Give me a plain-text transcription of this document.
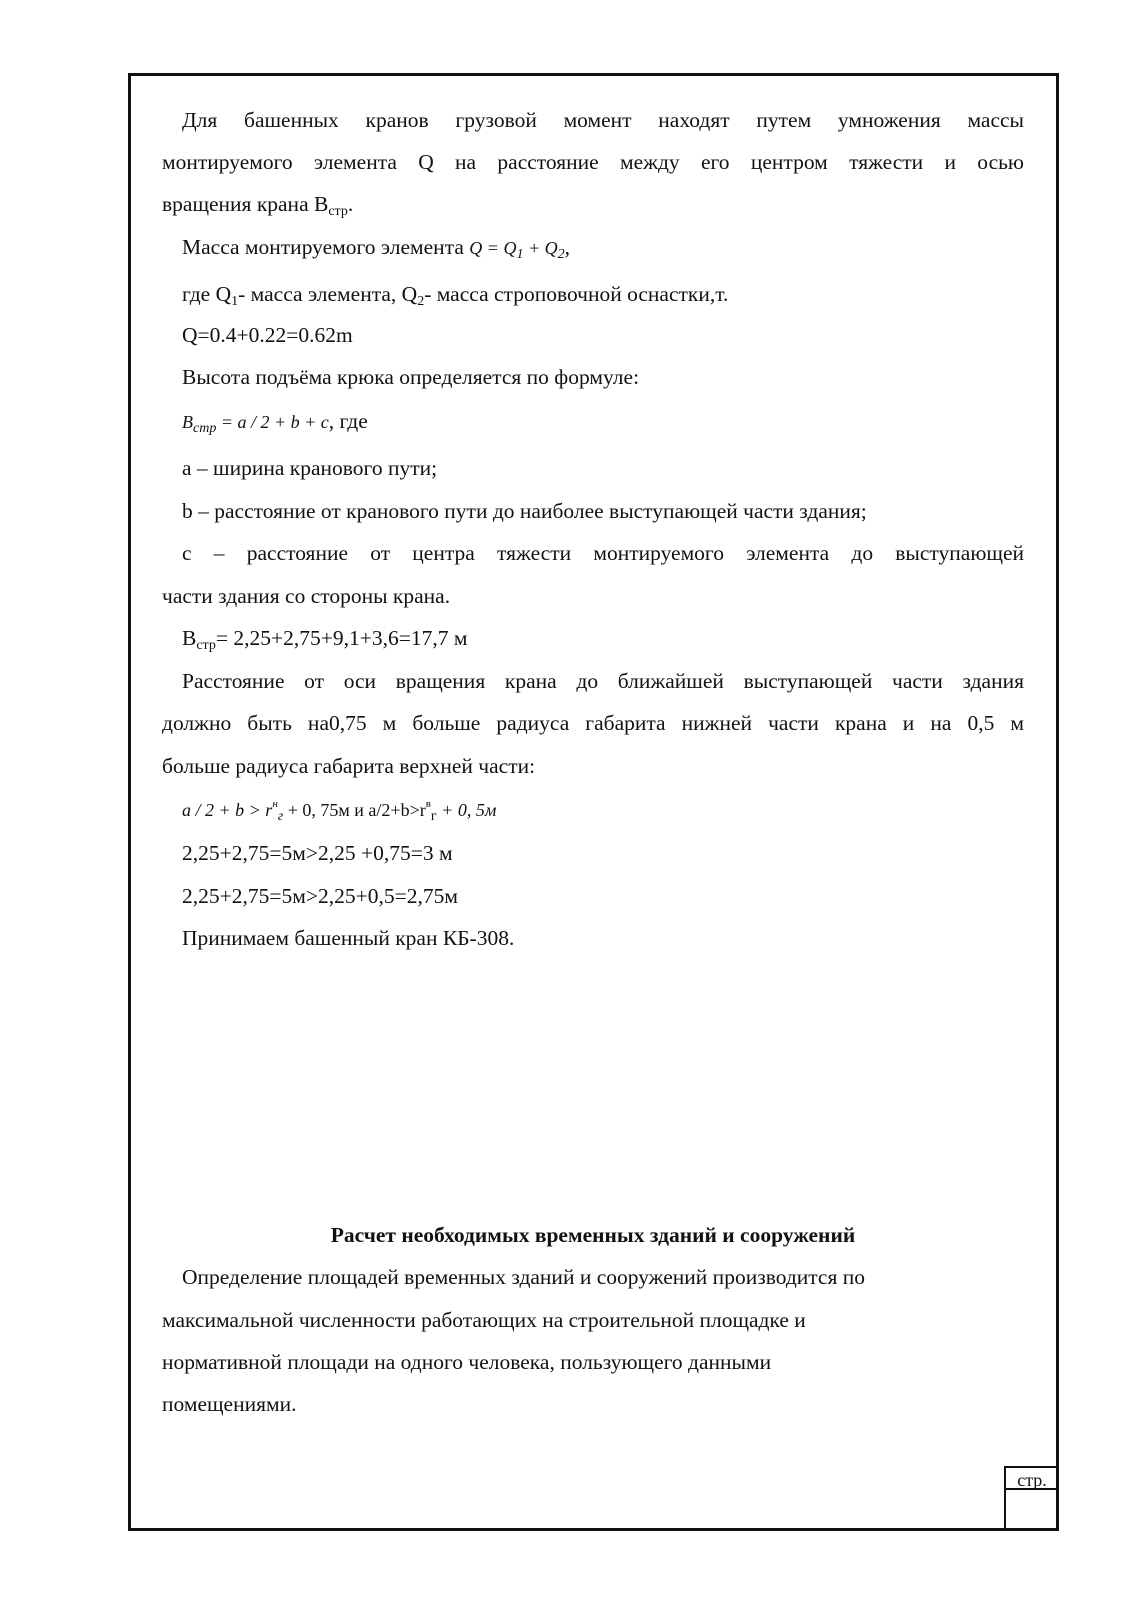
Для башенных кранов грузовой момент находят путем умножения массы
монтируемого элемента Q на расстояние между его центром тяжести и осью
вращения крана $B_{стр}$.
Масса монтируемого элемента $Q = Q_1 + Q_2$,
где $Q_1-$ масса элемента, $Q_2-$ масса строповочной оснастки,т.
Q=0.4+0.22=0.62m
Высота подъёма крюка определяется по формуле:
$B_{стр} = a / 2 + b + c$, где
а – ширина кранового пути;
b – расстояние от кранового пути до наиболее выступающей части здания;
с – расстояние от центра тяжести монтируемого элемента до выступающей
части здания со стороны крана.
$B_{стр}= 2,25+2,75+9,1+3,6=17,7$ м
Расстояние от оси вращения крана до ближайшей выступающей части здания
должно быть на0,75 м больше радиуса габарита нижней части крана и на 0,5 м
больше радиуса габарита верхней части:
$a / 2 + b > r^н_г + 0$, 75м и $a/2+b>r^в_г + 0$, 5м
2,25+2,75=5м>2,25 +0,75=3 м
2,25+2,75=5м>2,25+0,5=2,75м
Принимаем башенный кран КБ-308.
Расчет необходимых временных зданий и сооружений
Определение площадей временных зданий и сооружений производится по
максимальной численности работающих на строительной площадке и
нормативной площади на одного человека, пользующего данными
помещениями.
стр.
